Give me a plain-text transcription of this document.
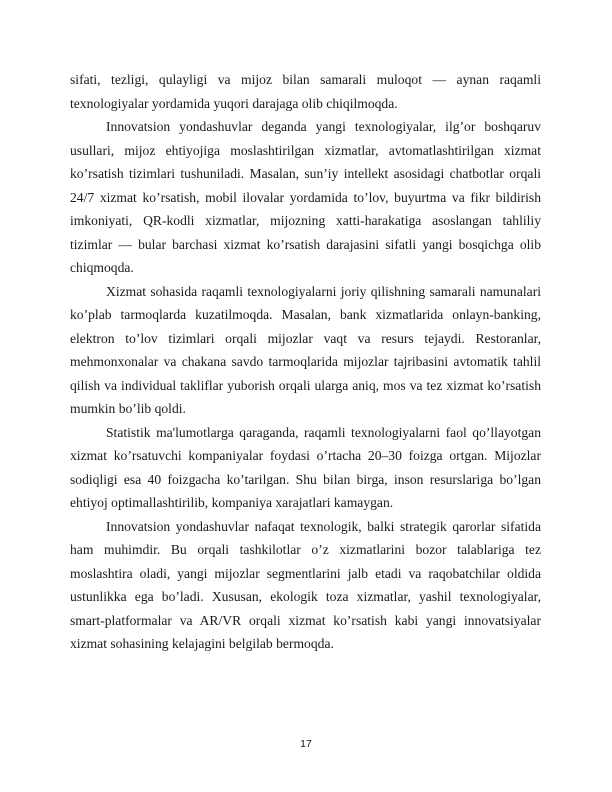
sifati, tezligi, qulayligi va mijoz bilan samarali muloqot — aynan raqamli texnologiyalar yordamida yuqori darajaga olib chiqilmoqda.

Innovatsion yondashuvlar deganda yangi texnologiyalar, ilg’or boshqaruv usullari, mijoz ehtiyojiga moslashtirilgan xizmatlar, avtomatlashtirilgan xizmat ko’rsatish tizimlari tushuniladi. Masalan, sun’iy intellekt asosidagi chatbotlar orqali 24/7 xizmat ko’rsatish, mobil ilovalar yordamida to’lov, buyurtma va fikr bildirish imkoniyati, QR-kodli xizmatlar, mijozning xatti-harakatiga asoslangan tahliliy tizimlar — bular barchasi xizmat ko’rsatish darajasini sifatli yangi bosqichga olib chiqmoqda.

Xizmat sohasida raqamli texnologiyalarni joriy qilishning samarali namunalari ko’plab tarmoqlarda kuzatilmoqda. Masalan, bank xizmatlarida onlayn-banking, elektron to’lov tizimlari orqali mijozlar vaqt va resurs tejaydi. Restoranlar, mehmonxonalar va chakana savdo tarmoqlarida mijozlar tajribasini avtomatik tahlil qilish va individual takliflar yuborish orqali ularga aniq, mos va tez xizmat ko’rsatish mumkin bo’lib qoldi.

Statistik ma'lumotlarga qaraganda, raqamli texnologiyalarni faol qo’llayotgan xizmat ko’rsatuvchi kompaniyalar foydasi o’rtacha 20–30 foizga ortgan. Mijozlar sodiqligi esa 40 foizgacha ko’tarilgan. Shu bilan birga, inson resurslariga bo’lgan ehtiyoj optimallashtirilib, kompaniya xarajatlari kamaygan.

Innovatsion yondashuvlar nafaqat texnologik, balki strategik qarorlar sifatida ham muhimdir. Bu orqali tashkilotlar o’z xizmatlarini bozor talablariga tez moslashtira oladi, yangi mijozlar segmentlarini jalb etadi va raqobatchilar oldida ustunlikka ega bo’ladi. Xususan, ekologik toza xizmatlar, yashil texnologiyalar, smart-platformalar va AR/VR orqali xizmat ko’rsatish kabi yangi innovatsiyalar xizmat sohasining kelajagini belgilab bermoqda.

17
